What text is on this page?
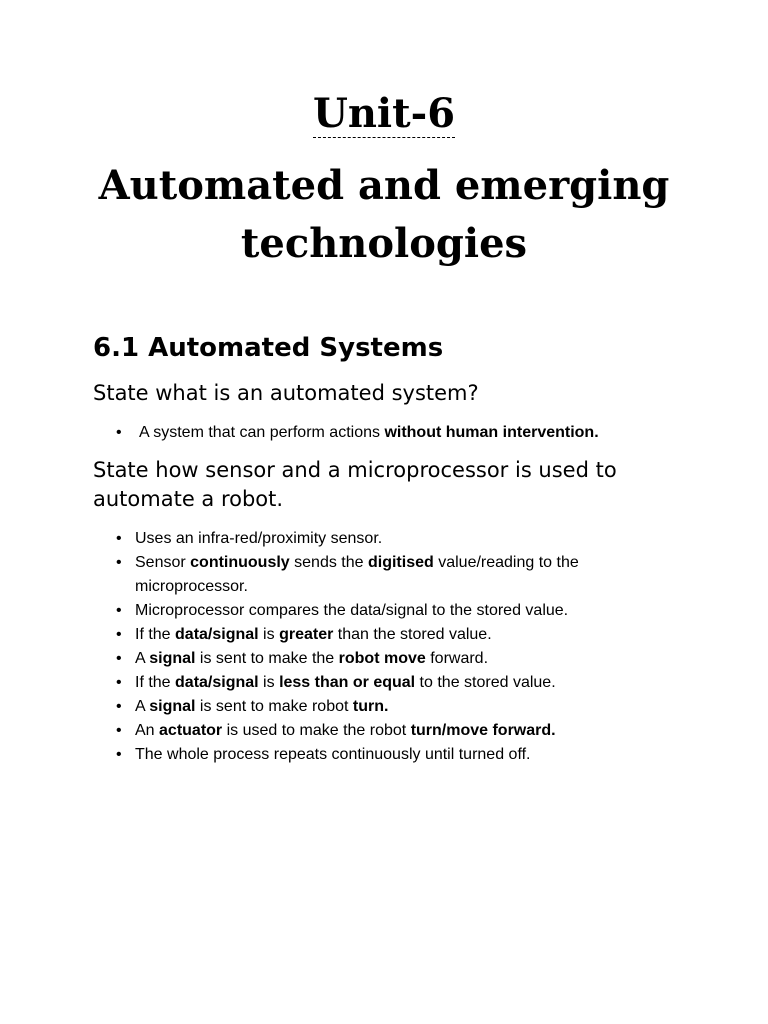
Unit-6
Automated and emerging technologies
6.1 Automated Systems
State what is an automated system?
• A system that can perform actions without human intervention.
State how sensor and a microprocessor is used to automate a robot.
• Uses an infra-red/proximity sensor.
• Sensor continuously sends the digitised value/reading to the microprocessor.
• Microprocessor compares the data/signal to the stored value.
• If the data/signal is greater than the stored value.
• A signal is sent to make the robot move forward.
• If the data/signal is less than or equal to the stored value.
• A signal is sent to make robot turn.
• An actuator is used to make the robot turn/move forward.
• The whole process repeats continuously until turned off.
